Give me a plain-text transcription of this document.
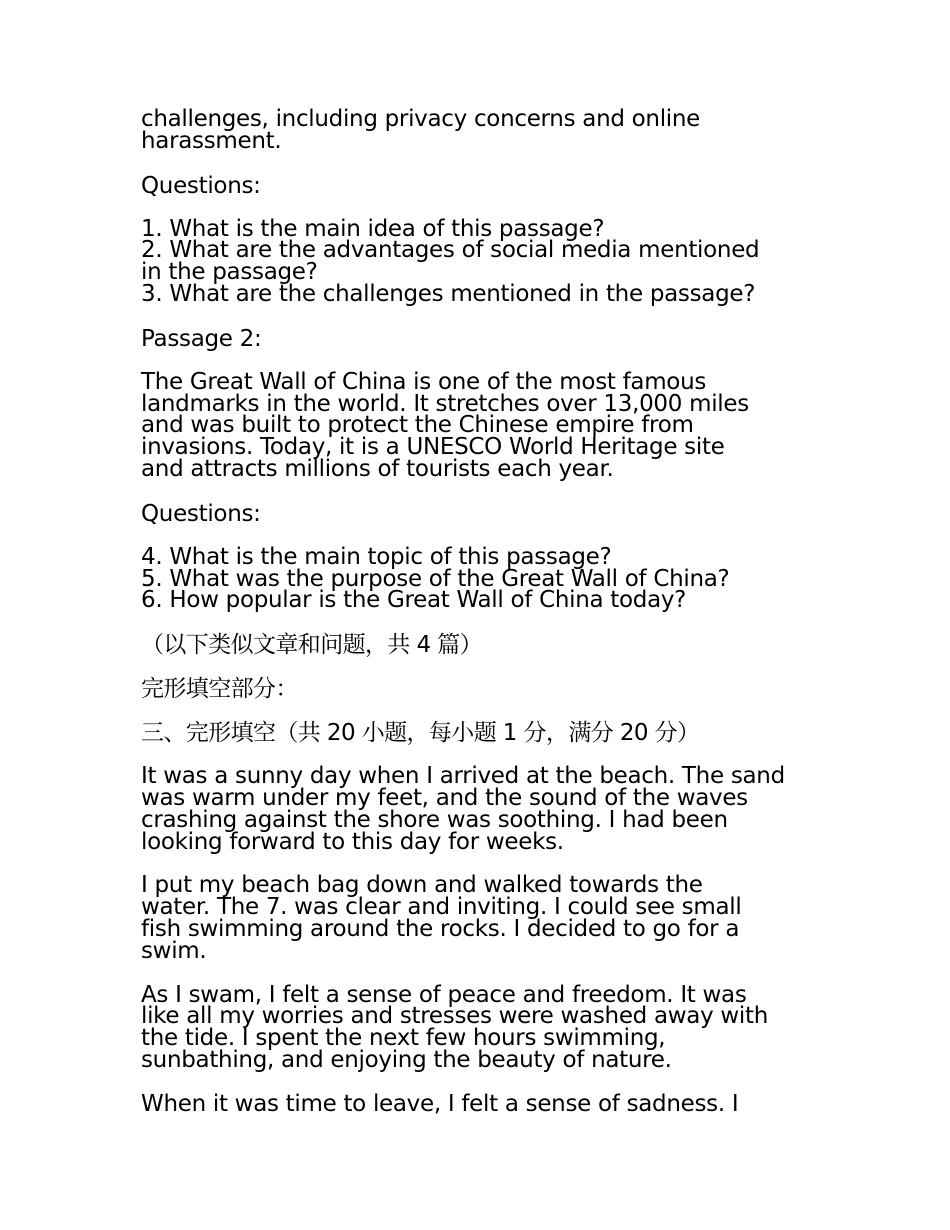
challenges, including privacy concerns and online
harassment.
Questions:
1. What is the main idea of this passage?
2. What are the advantages of social media mentioned
in the passage?
3. What are the challenges mentioned in the passage?
Passage 2:
The Great Wall of China is one of the most famous
landmarks in the world. It stretches over 13,000 miles
and was built to protect the Chinese empire from
invasions. Today, it is a UNESCO World Heritage site
and attracts millions of tourists each year.
Questions:
4. What is the main topic of this passage?
5. What was the purpose of the Great Wall of China?
6. How popular is the Great Wall of China today?
（以下类似文章和问题，共 4 篇）
完形填空部分：
三、完形填空（共 20 小题，每小题 1 分，满分 20 分）
It was a sunny day when I arrived at the beach. The sand
was warm under my feet, and the sound of the waves
crashing against the shore was soothing. I had been
looking forward to this day for weeks.
I put my beach bag down and walked towards the
water. The 7. was clear and inviting. I could see small
fish swimming around the rocks. I decided to go for a
swim.
As I swam, I felt a sense of peace and freedom. It was
like all my worries and stresses were washed away with
the tide. I spent the next few hours swimming,
sunbathing, and enjoying the beauty of nature.
When it was time to leave, I felt a sense of sadness. I
